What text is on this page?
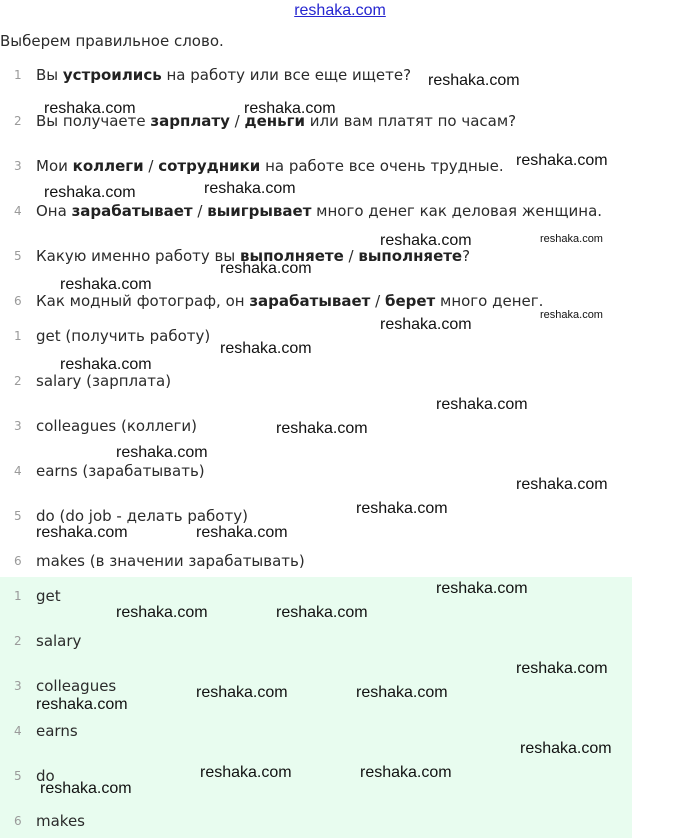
reshaka.com
Выберем правильное слово.
1 Вы устроились на работу или все еще ищете?
2 Вы получаете зарплату / деньги или вам платят по часам?
3 Мои коллеги / сотрудники на работе все очень трудные.
4 Она зарабатывает / выигрывает много денег как деловая женщина.
5 Какую именно работу вы выполняете / выполняете?
6 Как модный фотограф, он зарабатывает / берет много денег.
1 get (получить работу)
2 salary (зарплата)
3 colleagues (коллеги)
4 earns (зарабатывать)
5 do (do job - делать работу)
6 makes (в значении зарабатывать)
1 get
2 salary
3 colleagues
4 earns
5 do
6 makes
reshaka.com
reshaka.com	reshaka.com
reshaka.com
reshaka.com
reshaka.com
reshaka.com	reshaka.com
reshaka.com
reshaka.com
reshaka.com
reshaka.com
reshaka.com
reshaka.com
reshaka.com
reshaka.com
reshaka.com
reshaka.com
reshaka.com
reshaka.com	reshaka.com
reshaka.com
reshaka.com	reshaka.com
reshaka.com
reshaka.com	reshaka.com
reshaka.com
reshaka.com
reshaka.com	reshaka.com
reshaka.com
